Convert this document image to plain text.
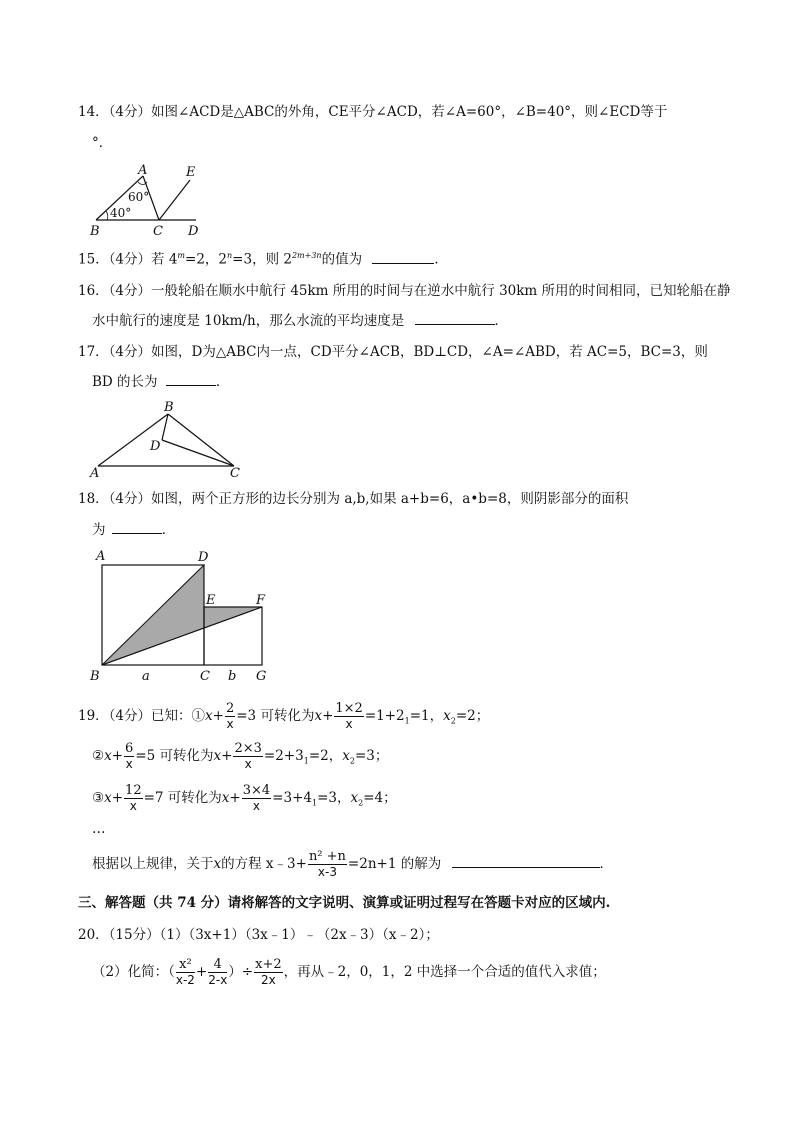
14．（4分）如图∠ACD是△ABC的外角，CE平分∠ACD，若∠A=60°，∠B=40°，则∠ECD等于
°．
A	E
60°
40°
B	C D
15．（4分）若 $4^m=2$，$2^n=3$，则 $2^{2m+3n}$的值为	．
16．（4分）一般轮船在顺水中航行 45km 所用的时间与在逆水中航行 30km 所用的时间相同，已知轮船在静
水中航行的速度是 10km/h，那么水流的平均速度是	．
17．（4分）如图，D为△ABC内一点，CD平分∠ACB，BD⊥CD，∠A=∠ABD，若 AC=5，BC=3，则
BD 的长为	．
B
D
A	C
18．（4分）如图，两个正方形的边长分别为 a,b,如果 a+b=6，a•b=8，则阴影部分的面积
为	．
A	D
E	F
B	C	G
a	b
19．（4分）已知：①x+ $\frac{2}{x} =3$ 可转化为$x+ \frac{1\times 2}{x} =1+2_1=1$，$x_2=2$；
②x+ $\frac{6}{x} =5$ 可转化为$x+ \frac{2\times 3}{x} =2+3_1=2$，$x_2=3$；
③x+ $\frac{12}{x} =7$ 可转化为$x+ \frac{3\times 4}{x} =3+4_1=3$，$x_2=4$；
…
根据以上规律，关于x的方程 x﹣3+ $\frac{\text{n² +n}}{x-3} =2n+1$ 的解为	．
三、解答题（共 74 分）请将解答的文字说明、演算或证明过程写在答题卡对应的区域内.
20．（15分）（1）（3x+1）（3x﹣1）﹣（2x﹣3）（x﹣2）；
（2）化简：（ $\frac{\text{x²}}{x-2} + \frac{4}{2-x}$ ）÷ $\frac{x+2}{2x}$ ，再从﹣2，0，1，2 中选择一个合适的值代入求值；
